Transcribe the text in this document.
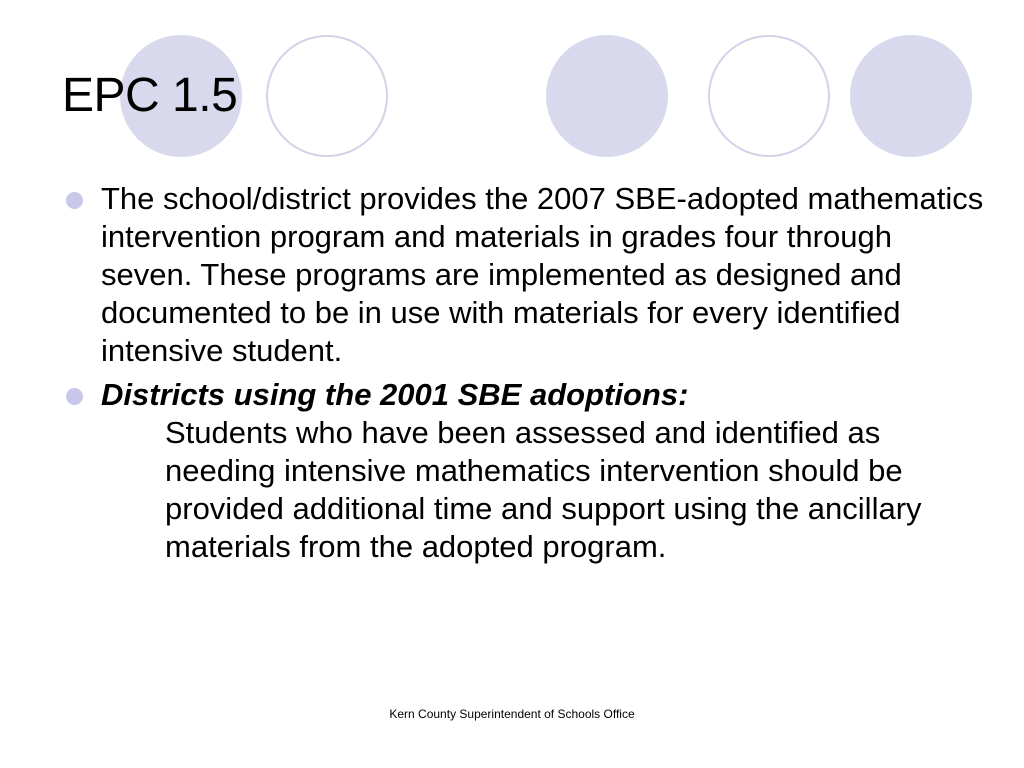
EPC 1.5
The school/district provides the 2007 SBE-adopted mathematics intervention program and materials in grades four through seven. These programs are implemented as designed and documented to be in use with materials for every identified intensive student.
Districts using the 2001 SBE adoptions:
Students who have been assessed and identified as needing intensive mathematics intervention should be provided additional time and support using the ancillary materials from the adopted program.
Kern County Superintendent of Schools Office
